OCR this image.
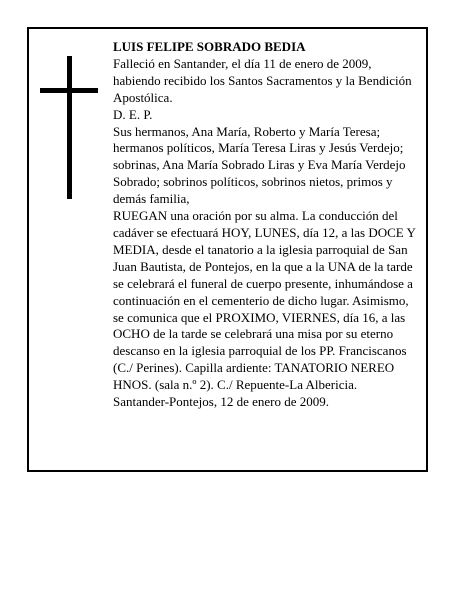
LUIS FELIPE SOBRADO BEDIA

Falleció en Santander, el día 11 de enero de 2009, habiendo recibido los Santos Sacramentos y la Bendición Apostólica.

D. E. P.

Sus hermanos, Ana María, Roberto y María Teresa; hermanos políticos, María Teresa Liras y Jesús Verdejo; sobrinas, Ana María Sobrado Liras y Eva María Verdejo Sobrado; sobrinos políticos, sobrinos nietos, primos y demás familia,

RUEGAN una oración por su alma. La conducción del cadáver se efectuará HOY, LUNES, día 12, a las DOCE Y MEDIA, desde el tanatorio a la iglesia parroquial de San Juan Bautista, de Pontejos, en la que a la UNA de la tarde se celebrará el funeral de cuerpo presente, inhumándose a continuación en el cementerio de dicho lugar. Asimismo, se comunica que el PROXIMO, VIERNES, día 16, a las OCHO de la tarde se celebrará una misa por su eterno descanso en la iglesia parroquial de los PP. Franciscanos (C./ Perines). Capilla ardiente: TANATORIO NEREO HNOS. (sala n.º 2). C./ Repuente-La Albericia.

Santander-Pontejos, 12 de enero de 2009.
